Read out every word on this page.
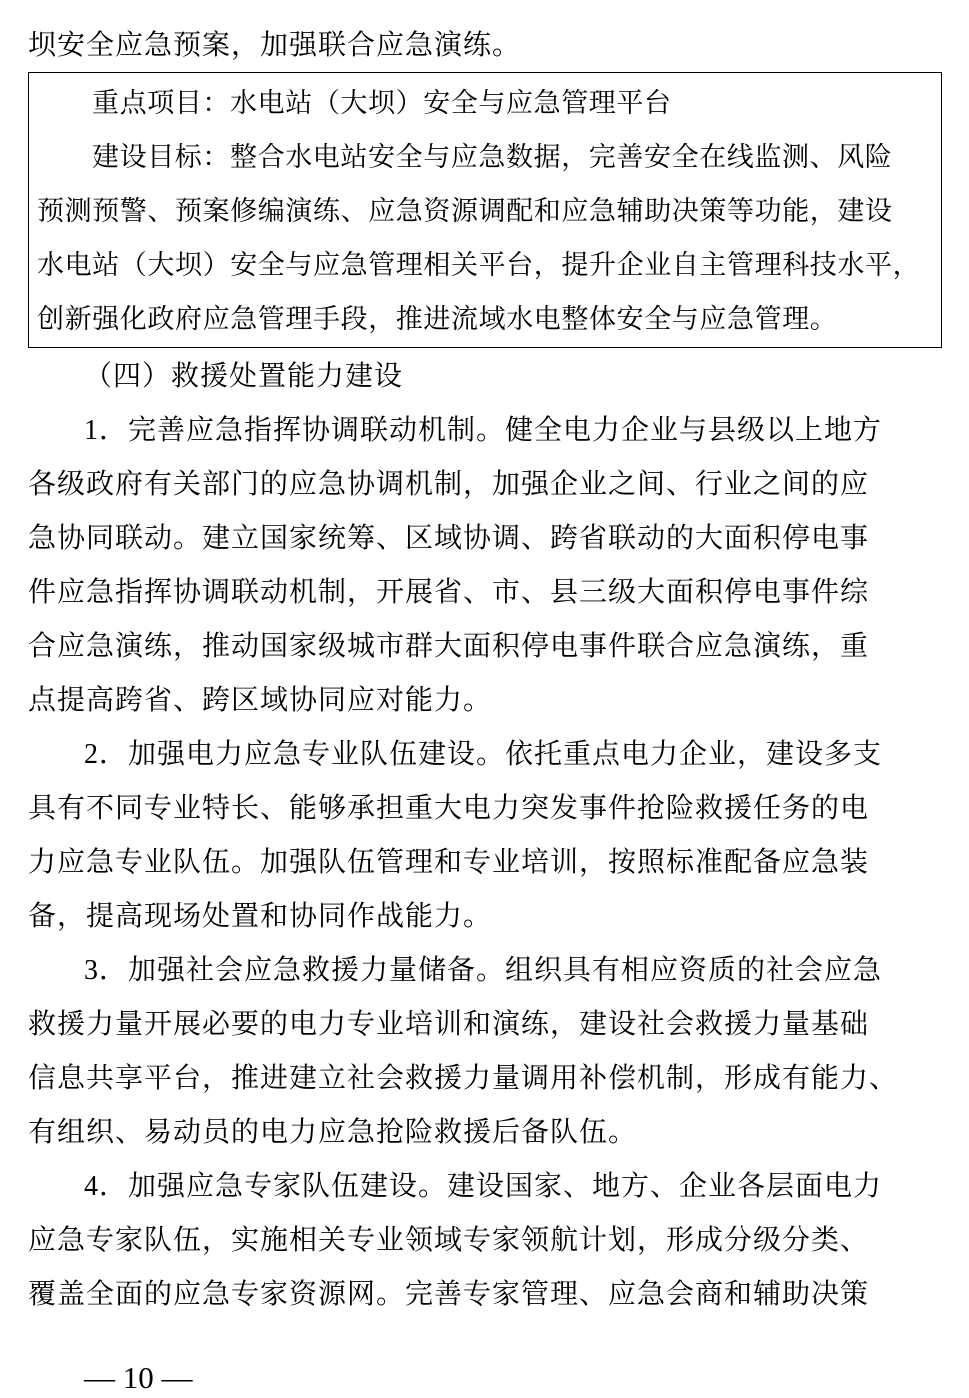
坝安全应急预案，加强联合应急演练。
重点项目：水电站（大坝）安全与应急管理平台
建设目标：整合水电站安全与应急数据，完善安全在线监测、风险
预测预警、预案修编演练、应急资源调配和应急辅助决策等功能，建设
水电站（大坝）安全与应急管理相关平台，提升企业自主管理科技水平，
创新强化政府应急管理手段，推进流域水电整体安全与应急管理。
（四）救援处置能力建设
1．完善应急指挥协调联动机制。健全电力企业与县级以上地方
各级政府有关部门的应急协调机制，加强企业之间、行业之间的应
急协同联动。建立国家统筹、区域协调、跨省联动的大面积停电事
件应急指挥协调联动机制，开展省、市、县三级大面积停电事件综
合应急演练，推动国家级城市群大面积停电事件联合应急演练，重
点提高跨省、跨区域协同应对能力。
2．加强电力应急专业队伍建设。依托重点电力企业，建设多支
具有不同专业特长、能够承担重大电力突发事件抢险救援任务的电
力应急专业队伍。加强队伍管理和专业培训，按照标准配备应急装
备，提高现场处置和协同作战能力。
3．加强社会应急救援力量储备。组织具有相应资质的社会应急
救援力量开展必要的电力专业培训和演练，建设社会救援力量基础
信息共享平台，推进建立社会救援力量调用补偿机制，形成有能力、
有组织、易动员的电力应急抢险救援后备队伍。
4．加强应急专家队伍建设。建设国家、地方、企业各层面电力
应急专家队伍，实施相关专业领域专家领航计划，形成分级分类、
覆盖全面的应急专家资源网。完善专家管理、应急会商和辅助决策
— 10 —
